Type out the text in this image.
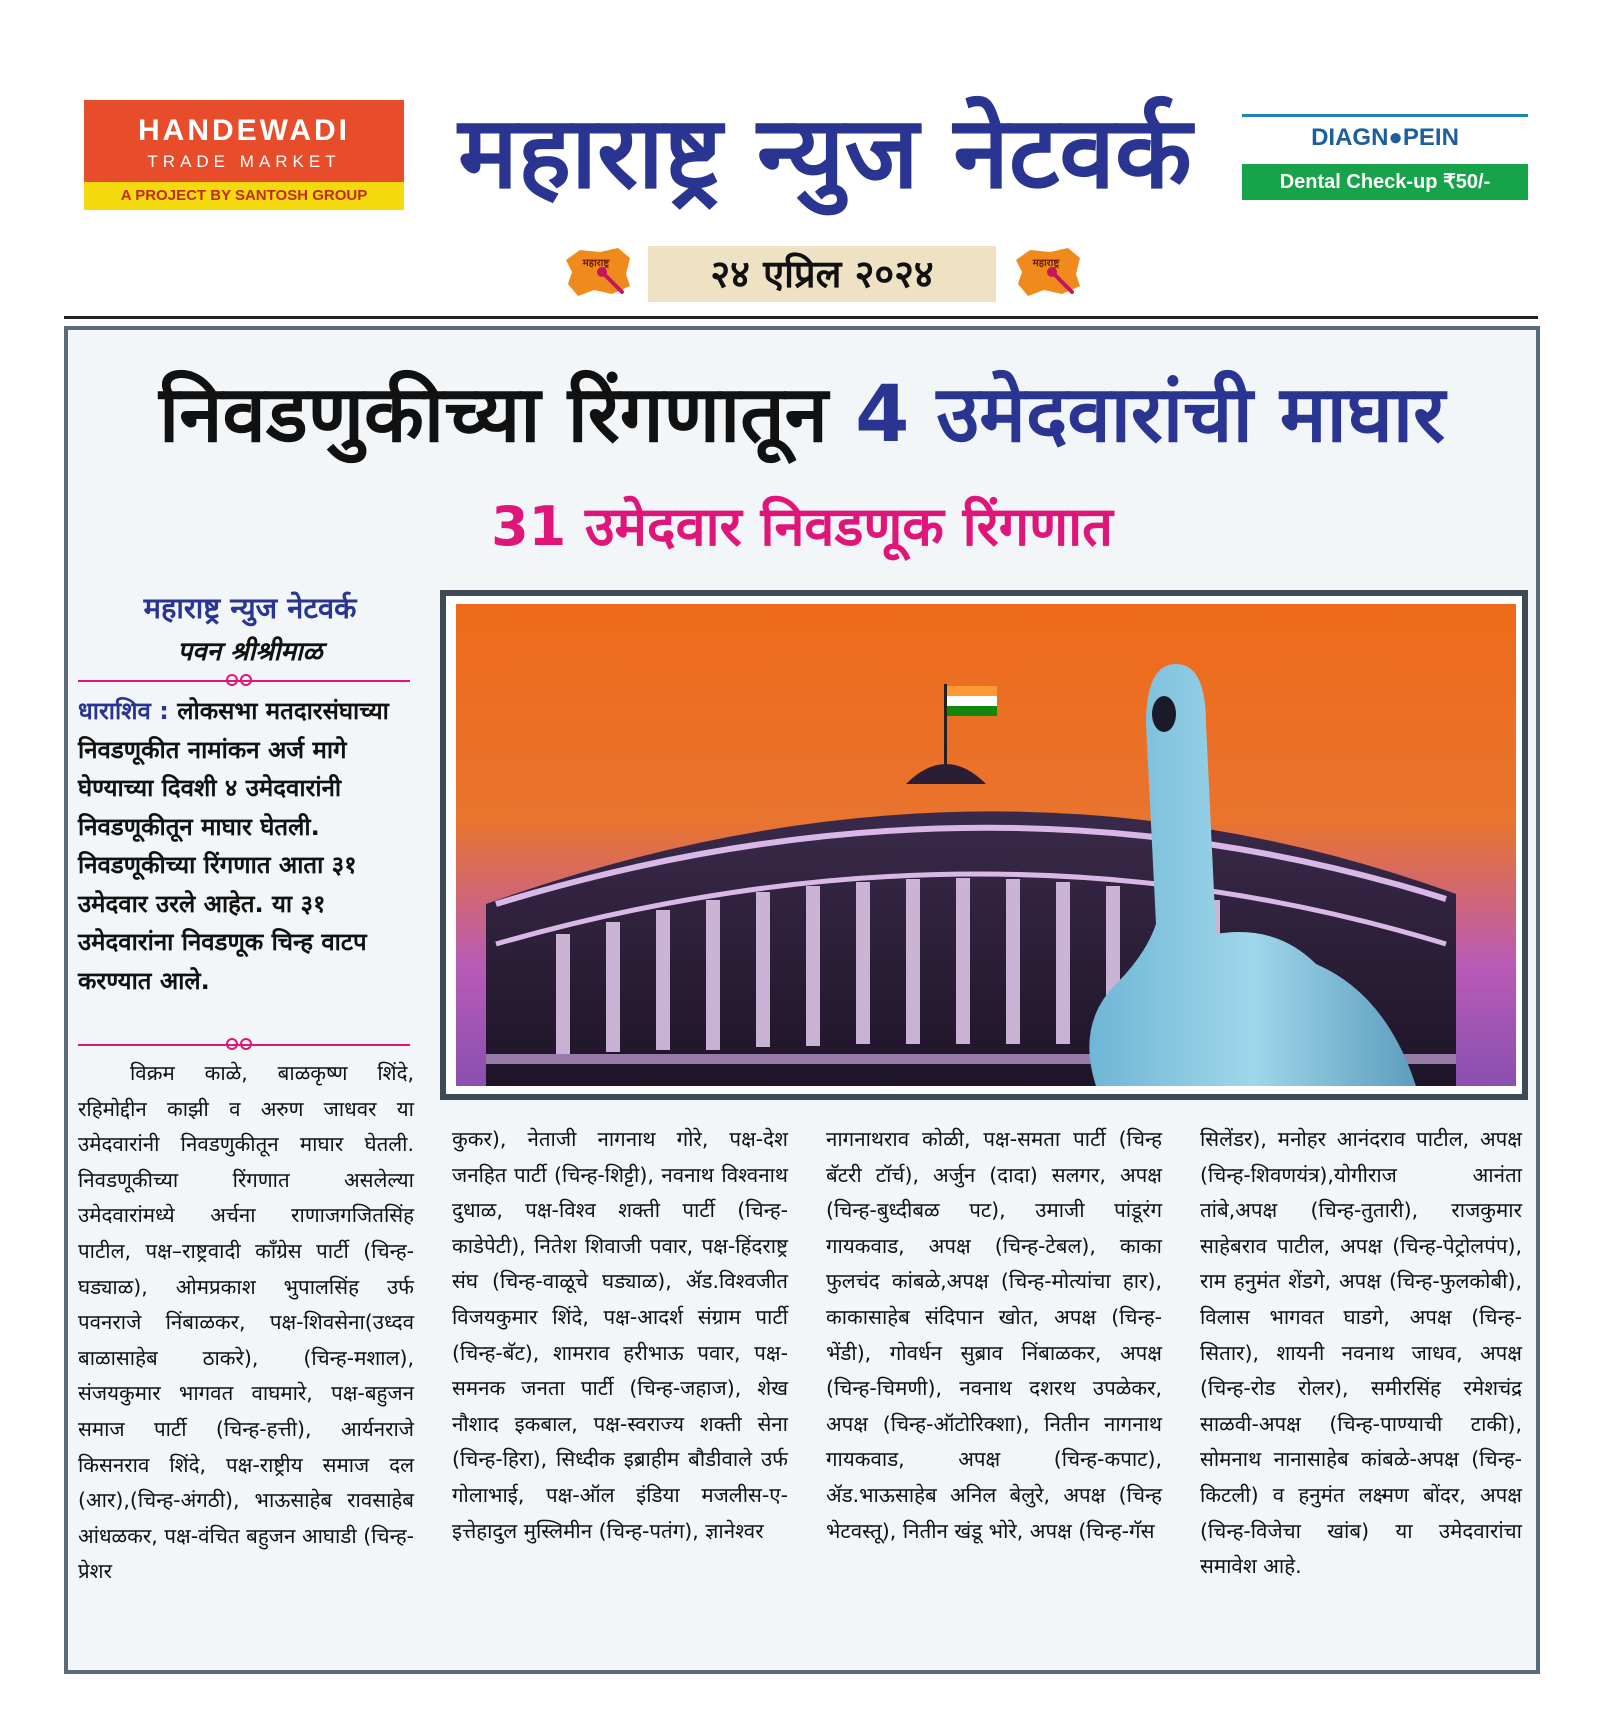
HANDEWADI
TRADE MARKET
A PROJECT BY SANTOSH GROUP महाराष्ट्र न्युज नेटवर्क	DIAGN●PEIN
Dental Check-up ₹50/-
महाराष्ट्र	२४ एप्रिल २०२४	महाराष्ट्र
निवडणुकीच्या रिंगणातून 4 उमेदवारांची माघार
31 उमेदवार निवडणूक रिंगणात
महाराष्ट्र न्युज नेटवर्क
पवन श्रीश्रीमाळ
धाराशिव : लोकसभा मतदारसंघाच्या निवडणूकीत नामांकन अर्ज मागे घेण्याच्या दिवशी ४ उमेदवारांनी निवडणूकीतून माघार घेतली. निवडणूकीच्या रिंगणात आता ३१ उमेदवार उरले आहेत. या ३१ उमेदवारांना निवडणूक चिन्ह वाटप करण्यात आले.
विक्रम काळे, बाळकृष्ण शिंदे, रहिमोद्दीन काझी व अरुण जाधवर या उमेदवारांनी निवडणुकीतून माघार घेतली. निवडणूकीच्या रिंगणात असलेल्या उमेदवारांमध्ये अर्चना राणाजगजितसिंह पाटील, पक्ष–राष्ट्रवादी काँग्रेस पार्टी (चिन्ह-घड्याळ), ओमप्रकाश भुपालसिंह उर्फ पवनराजे निंबाळकर, पक्ष-शिवसेना(उध्दव बाळासाहेब ठाकरे), (चिन्ह-मशाल), संजयकुमार भागवत वाघमारे, पक्ष-बहुजन समाज पार्टी (चिन्ह-हत्ती), आर्यनराजे किसनराव शिंदे, पक्ष-राष्ट्रीय समाज दल (आर),(चिन्ह-अंगठी), भाऊसाहेब रावसाहेब आंधळकर, पक्ष-वंचित बहुजन आघाडी (चिन्ह-प्रेशर
कुकर), नेताजी नागनाथ गोरे, पक्ष-देश जनहित पार्टी (चिन्ह-शिट्टी), नवनाथ विश्वनाथ दुधाळ, पक्ष-विश्व शक्ती पार्टी (चिन्ह-काडेपेटी), नितेश शिवाजी पवार, पक्ष-हिंदराष्ट्र संघ (चिन्ह-वाळूचे घड्याळ), ॲड.विश्वजीत विजयकुमार शिंदे, पक्ष-आदर्श संग्राम पार्टी (चिन्ह-बॅट), शामराव हरीभाऊ पवार, पक्ष-समनक जनता पार्टी (चिन्ह-जहाज), शेख नौशाद इकबाल, पक्ष-स्वराज्य शक्ती सेना (चिन्ह-हिरा), सिध्दीक इब्राहीम बौडीवाले उर्फ गोलाभाई, पक्ष-ऑल इंडिया मजलीस-ए-इत्तेहादुल मुस्लिमीन (चिन्ह-पतंग), ज्ञानेश्वर
नागनाथराव कोळी, पक्ष-समता पार्टी (चिन्ह बॅटरी टॉर्च), अर्जुन (दादा) सलगर, अपक्ष (चिन्ह-बुध्दीबळ पट), उमाजी पांडूरंग गायकवाड, अपक्ष (चिन्ह-टेबल), काका फुलचंद कांबळे,अपक्ष (चिन्ह-मोत्यांचा हार), काकासाहेब संदिपान खोत, अपक्ष (चिन्ह-भेंडी), गोवर्धन सुब्राव निंबाळकर, अपक्ष (चिन्ह-चिमणी), नवनाथ दशरथ उपळेकर, अपक्ष (चिन्ह-ऑटोरिक्शा), नितीन नागनाथ गायकवाड, अपक्ष (चिन्ह-कपाट), ॲड.भाऊसाहेब अनिल बेलुरे, अपक्ष (चिन्ह भेटवस्तू), नितीन खंडू भोरे, अपक्ष (चिन्ह-गॅस
सिलेंडर), मनोहर आनंदराव पाटील, अपक्ष (चिन्ह-शिवणयंत्र),योगीराज आनंता तांबे,अपक्ष (चिन्ह-तुतारी), राजकुमार साहेबराव पाटील, अपक्ष (चिन्ह-पेट्रोलपंप), राम हनुमंत शेंडगे, अपक्ष (चिन्ह-फुलकोबी), विलास भागवत घाडगे, अपक्ष (चिन्ह-सितार), शायनी नवनाथ जाधव, अपक्ष (चिन्ह-रोड रोलर), समीरसिंह रमेशचंद्र साळवी-अपक्ष (चिन्ह-पाण्याची टाकी), सोमनाथ नानासाहेब कांबळे-अपक्ष (चिन्ह-किटली) व हनुमंत लक्ष्मण बोंदर, अपक्ष (चिन्ह-विजेचा खांब) या उमेदवारांचा समावेश आहे.
